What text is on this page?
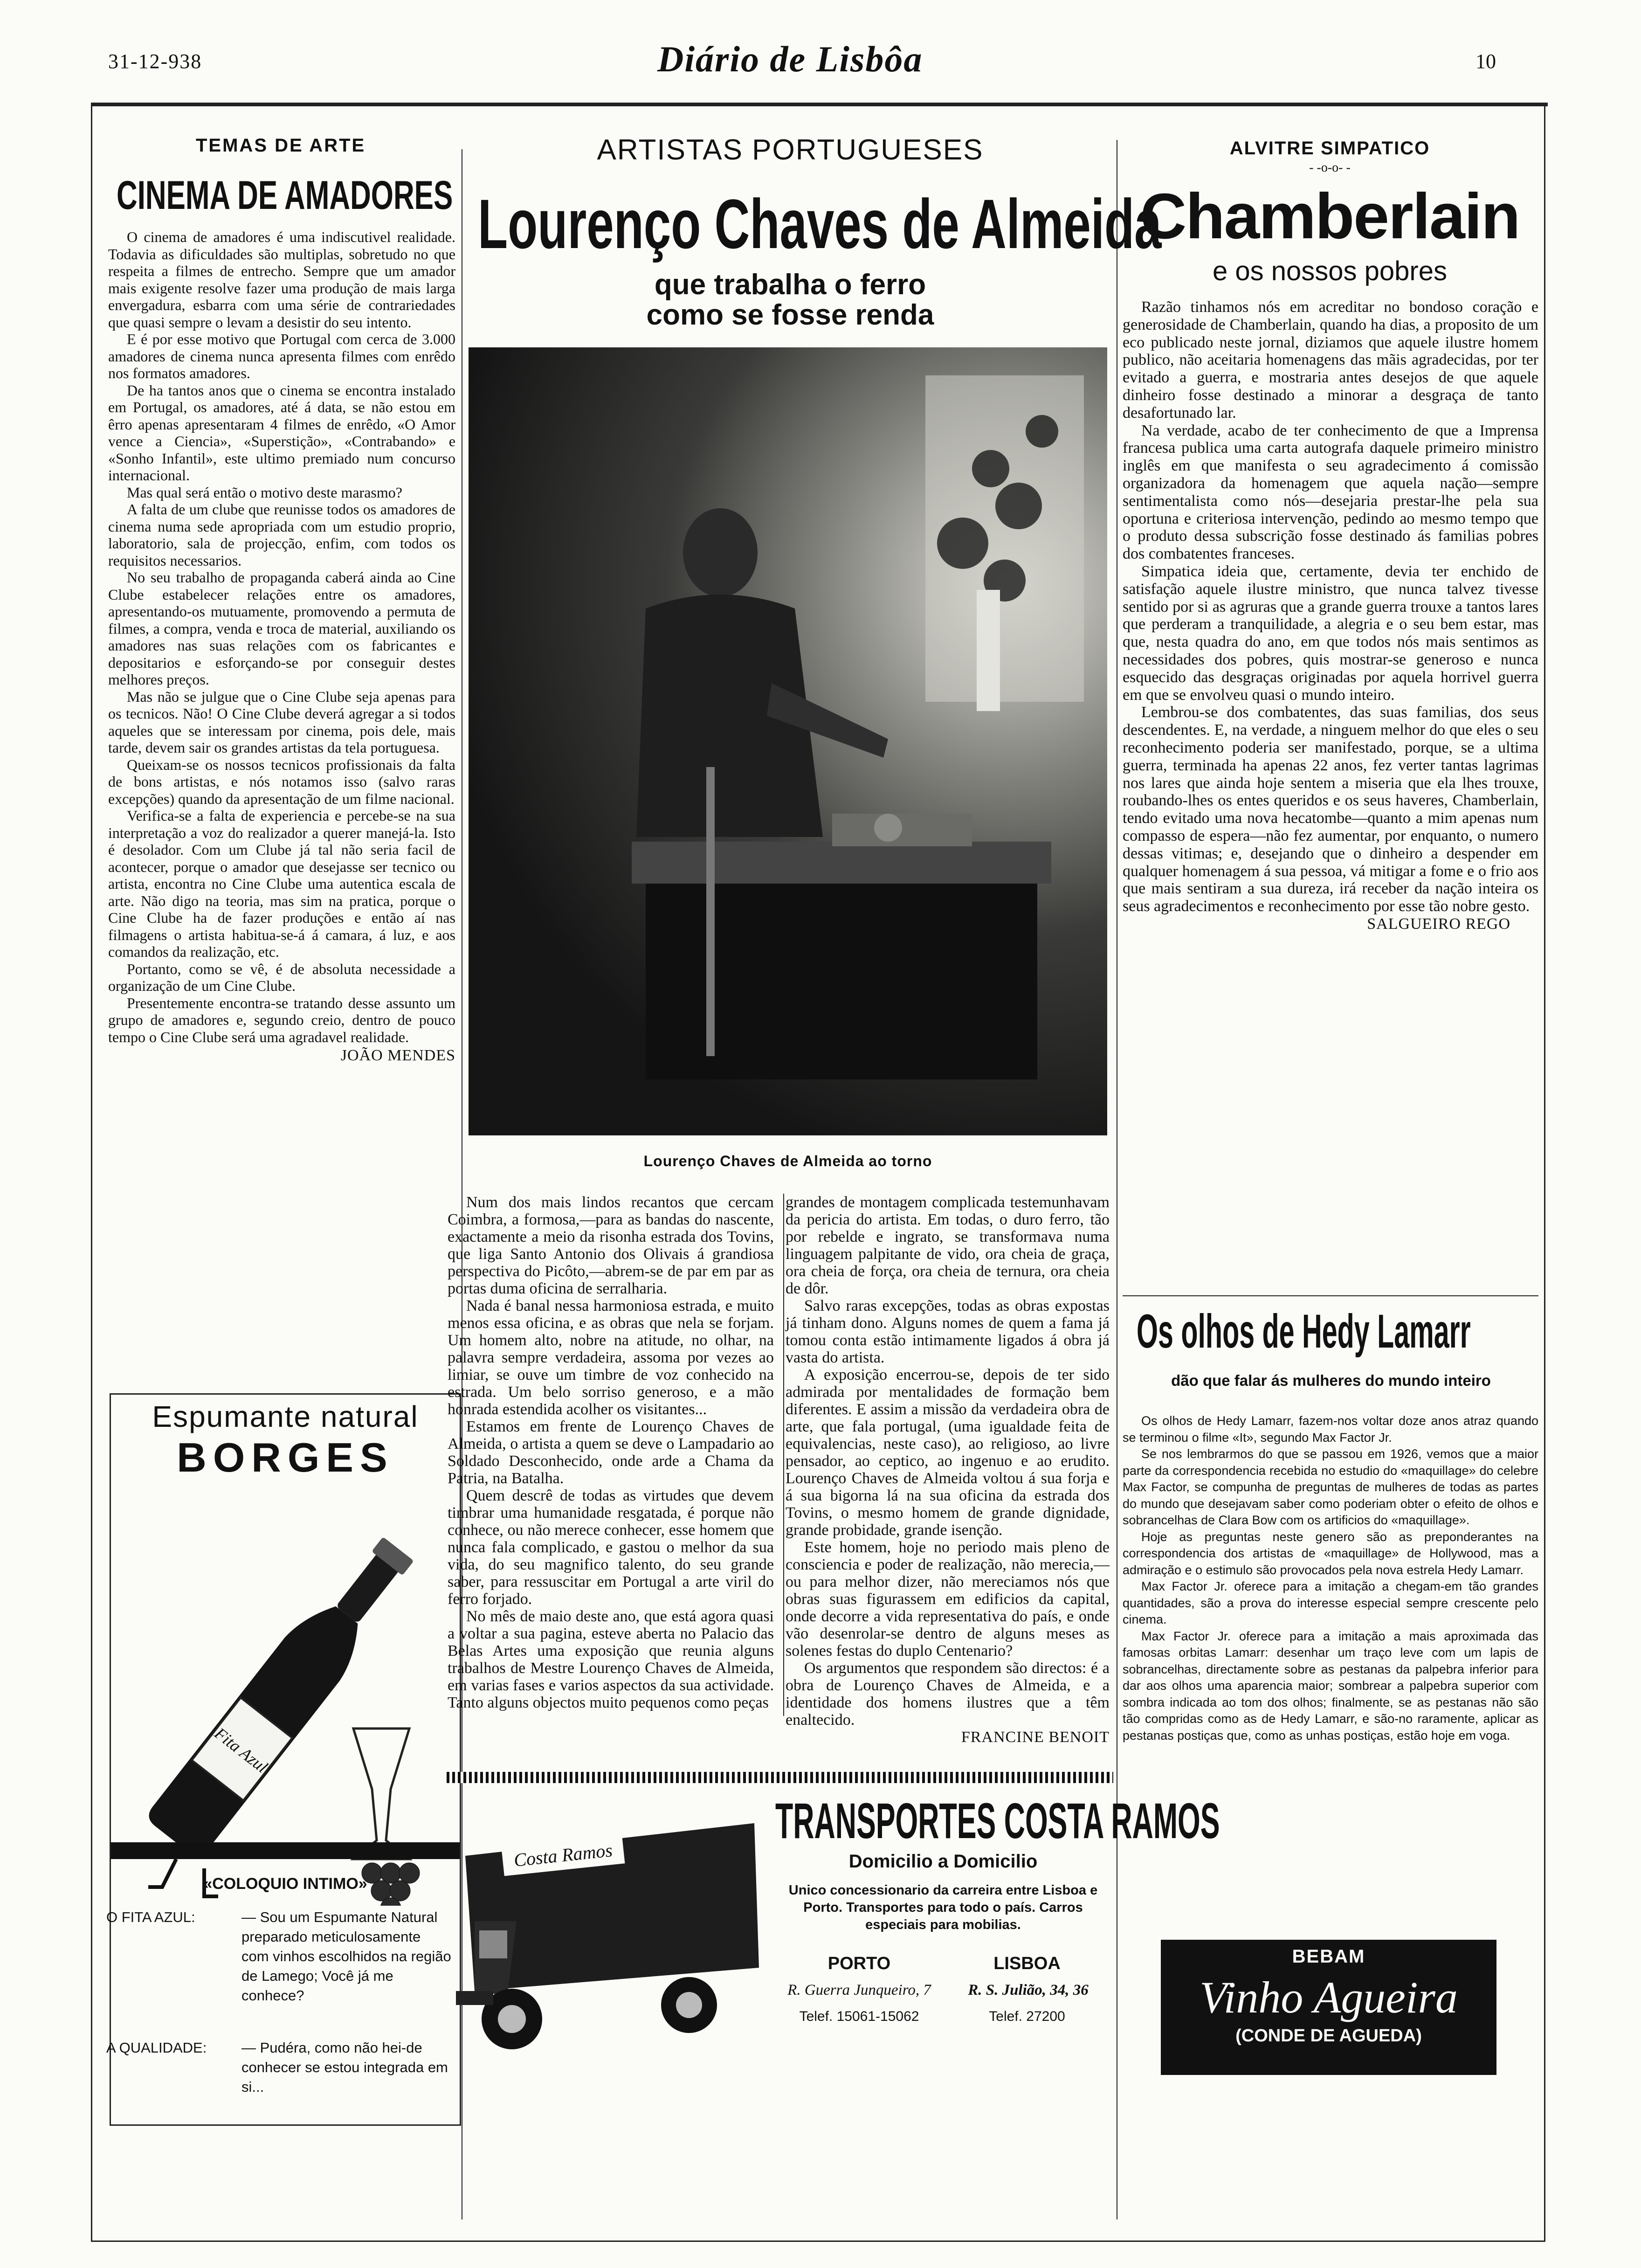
31-12-938	Diário de Lisbôa	10
TEMAS DE ARTE
CINEMA DE AMADORES

O cinema de amadores é uma indiscutivel realidade. Todavia as dificuldades são multiplas, sobretudo no que respeita a filmes de entrecho. Sempre que um amador mais exigente resolve fazer uma produção de mais larga envergadura, esbarra com uma série de contrariedades que quasi sempre o levam a desistir do seu intento.

E é por esse motivo que Portugal com cerca de 3.000 amadores de cinema nunca apresenta filmes com enrêdo nos formatos amadores.

De ha tantos anos que o cinema se encontra instalado em Portugal, os amadores, até á data, se não estou em êrro apenas apresentaram 4 filmes de enrêdo, «O Amor vence a Ciencia», «Superstição», «Contrabando» e «Sonho Infantil», este ultimo premiado num concurso internacional.

Mas qual será então o motivo deste marasmo?

A falta de um clube que reunisse todos os amadores de cinema numa sede apropriada com um estudio proprio, laboratorio, sala de projecção, enfim, com todos os requisitos necessarios.

No seu trabalho de propaganda caberá ainda ao Cine Clube estabelecer relações entre os amadores, apresentando-os mutuamente, promovendo a permuta de filmes, a compra, venda e troca de material, auxiliando os amadores nas suas relações com os fabricantes e depositarios e esforçando-se por conseguir destes melhores preços.

Mas não se julgue que o Cine Clube seja apenas para os tecnicos. Não! O Cine Clube deverá agregar a si todos aqueles que se interessam por cinema, pois dele, mais tarde, devem sair os grandes artistas da tela portuguesa.

Queixam-se os nossos tecnicos profissionais da falta de bons artistas, e nós notamos isso (salvo raras excepções) quando da apresentação de um filme nacional.

Verifica-se a falta de experiencia e percebe-se na sua interpretação a voz do realizador a querer manejá-la. Isto é desolador. Com um Clube já tal não seria facil de acontecer, porque o amador que desejasse ser tecnico ou artista, encontra no Cine Clube uma autentica escala de arte. Não digo na teoria, mas sim na pratica, porque o Cine Clube ha de fazer produções e então aí nas filmagens o artista habitua-se-á á camara, á luz, e aos comandos da realização, etc.

Portanto, como se vê, é de absoluta necessidade a organização de um Cine Clube.

Presentemente encontra-se tratando desse assunto um grupo de amadores e, segundo creio, dentro de pouco tempo o Cine Clube será uma agradavel realidade.

JOÃO MENDES
Espumante natural
BORGES
Fita Azul
«COLOQUIO INTIMO»
O FITA AZUL:	— Sou um Espumante Natural preparado meticulosamente com vinhos escolhidos na região de Lamego; Você já me conhece?
A QUALIDADE:	— Pudéra, como não hei-de conhecer se estou integrada em si...
ARTISTAS PORTUGUESES
Lourenço Chaves de Almeida
que trabalha o ferro
como se fosse renda
Lourenço Chaves de Almeida ao torno

Num dos mais lindos recantos que cercam Coimbra, a formosa,—para as bandas do nascente, exactamente a meio da risonha estrada dos Tovins, que liga Santo Antonio dos Olivais á grandiosa perspectiva do Picôto,—abrem-se de par em par as portas duma oficina de serralharia.

Nada é banal nessa harmoniosa estrada, e muito menos essa oficina, e as obras que nela se forjam. Um homem alto, nobre na atitude, no olhar, na palavra sempre verdadeira, assoma por vezes ao limiar, se ouve um timbre de voz conhecido na estrada. Um belo sorriso generoso, e a mão honrada estendida acolher os visitantes...

Estamos em frente de Lourenço Chaves de Almeida, o artista a quem se deve o Lampadario ao Soldado Desconhecido, onde arde a Chama da Patria, na Batalha.

Quem descrê de todas as virtudes que devem timbrar uma humanidade resgatada, é porque não conhece, ou não merece conhecer, esse homem que nunca fala complicado, e gastou o melhor da sua vida, do seu magnifico talento, do seu grande saber, para ressuscitar em Portugal a arte viril do ferro forjado.

No mês de maio deste ano, que está agora quasi a voltar a sua pagina, esteve aberta no Palacio das Belas Artes uma exposição que reunia alguns trabalhos de Mestre Lourenço Chaves de Almeida, em varias fases e varios aspectos da sua actividade. Tanto alguns objectos muito pequenos como peças

grandes de montagem complicada testemunhavam da pericia do artista. Em todas, o duro ferro, tão por rebelde e ingrato, se transformava numa linguagem palpitante de vido, ora cheia de graça, ora cheia de força, ora cheia de ternura, ora cheia de dôr.

Salvo raras excepções, todas as obras expostas já tinham dono. Alguns nomes de quem a fama já tomou conta estão intimamente ligados á obra já vasta do artista.

A exposição encerrou-se, depois de ter sido admirada por mentalidades de formação bem diferentes. E assim a missão da verdadeira obra de arte, que fala portugal, (uma igualdade feita de equivalencias, neste caso), ao religioso, ao livre pensador, ao ceptico, ao ingenuo e ao erudito. Lourenço Chaves de Almeida voltou á sua forja e á sua bigorna lá na sua oficina da estrada dos Tovins, o mesmo homem de grande dignidade, grande probidade, grande isenção.

Este homem, hoje no periodo mais pleno de consciencia e poder de realização, não merecia,—ou para melhor dizer, não mereciamos nós que obras suas figurassem em edificios da capital, onde decorre a vida representativa do país, e onde vão desenrolar-se dentro de alguns meses as solenes festas do duplo Centenario?

Os argumentos que respondem são directos: é a obra de Lourenço Chaves de Almeida, e a identidade dos homens ilustres que a têm enaltecido.

FRANCINE BENOIT
Costa Ramos
TRANSPORTES COSTA RAMOS
Domicilio a Domicilio
Unico concessionario da carreira entre Lisboa e Porto. Transportes para todo o país. Carros especiais para mobilias.
PORTO	LISBOA
R. Guerra Junqueiro, 7	R. S. Julião, 34, 36
Telef. 15061-15062	Telef. 27200
ALVITRE SIMPATICO
- -o-o- -
Chamberlain
e os nossos pobres

Razão tinhamos nós em acreditar no bondoso coração e generosidade de Chamberlain, quando ha dias, a proposito de um eco publicado neste jornal, diziamos que aquele ilustre homem publico, não aceitaria homenagens das mãis agradecidas, por ter evitado a guerra, e mostraria antes desejos de que aquele dinheiro fosse destinado a minorar a desgraça de tanto desafortunado lar.

Na verdade, acabo de ter conhecimento de que a Imprensa francesa publica uma carta autografa daquele primeiro ministro inglês em que manifesta o seu agradecimento á comissão organizadora da homenagem que aquela nação—sempre sentimentalista como nós—desejaria prestar-lhe pela sua oportuna e criteriosa intervenção, pedindo ao mesmo tempo que o produto dessa subscrição fosse destinado ás familias pobres dos combatentes franceses.

Simpatica ideia que, certamente, devia ter enchido de satisfação aquele ilustre ministro, que nunca talvez tivesse sentido por si as agruras que a grande guerra trouxe a tantos lares que perderam a tranquilidade, a alegria e o seu bem estar, mas que, nesta quadra do ano, em que todos nós mais sentimos as necessidades dos pobres, quis mostrar-se generoso e nunca esquecido das desgraças originadas por aquela horrivel guerra em que se envolveu quasi o mundo inteiro.

Lembrou-se dos combatentes, das suas familias, dos seus descendentes. E, na verdade, a ninguem melhor do que eles o seu reconhecimento poderia ser manifestado, porque, se a ultima guerra, terminada ha apenas 22 anos, fez verter tantas lagrimas nos lares que ainda hoje sentem a miseria que ela lhes trouxe, roubando-lhes os entes queridos e os seus haveres, Chamberlain, tendo evitado uma nova hecatombe—quanto a mim apenas num compasso de espera—não fez aumentar, por enquanto, o numero dessas vitimas; e, desejando que o dinheiro a despender em qualquer homenagem á sua pessoa, vá mitigar a fome e o frio aos que mais sentiram a sua dureza, irá receber da nação inteira os seus agradecimentos e reconhecimento por esse tão nobre gesto.

SALGUEIRO REGO
Os olhos de Hedy Lamarr
dão que falar ás mulheres do mundo inteiro

Os olhos de Hedy Lamarr, fazem-nos voltar doze anos atraz quando se terminou o filme «It», segundo Max Factor Jr.

Se nos lembrarmos do que se passou em 1926, vemos que a maior parte da correspondencia recebida no estudio do «maquillage» do celebre Max Factor, se compunha de preguntas de mulheres de todas as partes do mundo que desejavam saber como poderiam obter o efeito de olhos e sobrancelhas de Clara Bow com os artificios do «maquillage».

Hoje as preguntas neste genero são as preponderantes na correspondencia dos artistas de «maquillage» de Hollywood, mas a admiração e o estimulo são provocados pela nova estrela Hedy Lamarr.

Max Factor Jr. oferece para a imitação a chegam-em tão grandes quantidades, são a prova do interesse especial sempre crescente pelo cinema.

Max Factor Jr. oferece para a imitação a mais aproximada das famosas orbitas Lamarr: desenhar um traço leve com um lapis de sobrancelhas, directamente sobre as pestanas da palpebra inferior para dar aos olhos uma aparencia maior; sombrear a palpebra superior com sombra indicada ao tom dos olhos; finalmente, se as pestanas não são tão compridas como as de Hedy Lamarr, e são-no raramente, aplicar as pestanas postiças que, como as unhas postiças, estão hoje em voga.

BEBAM
Vinho Agueira
(CONDE DE AGUEDA)
